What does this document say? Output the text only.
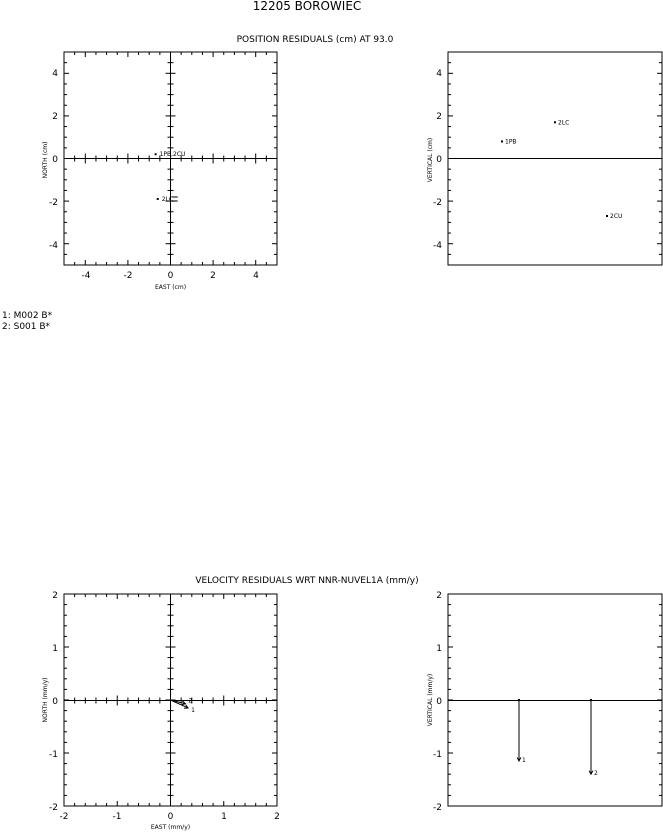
12205 BOROWIEC
POSITION RESIDUALS (cm) AT 93.0
1: M002 B*
2: S001 B*
VELOCITY RESIDUALS WRT NNR-NUVEL1A (mm/y)
-4	-2	0	2	4
4
2
0
-2
-4
EAST (cm)
NORTH (cm)	1PB,2CU
2LC
4
2
0
-2
-4
VERTICAL (cm)	1PB
2LC
2CU
-2	-1	0	1	2
2
1
0
-1
-2
EAST (mm/y)
NORTH (mm/y)	1
2
2
1
0
-1
-2
VERTICAL (mm/y)
1
2
